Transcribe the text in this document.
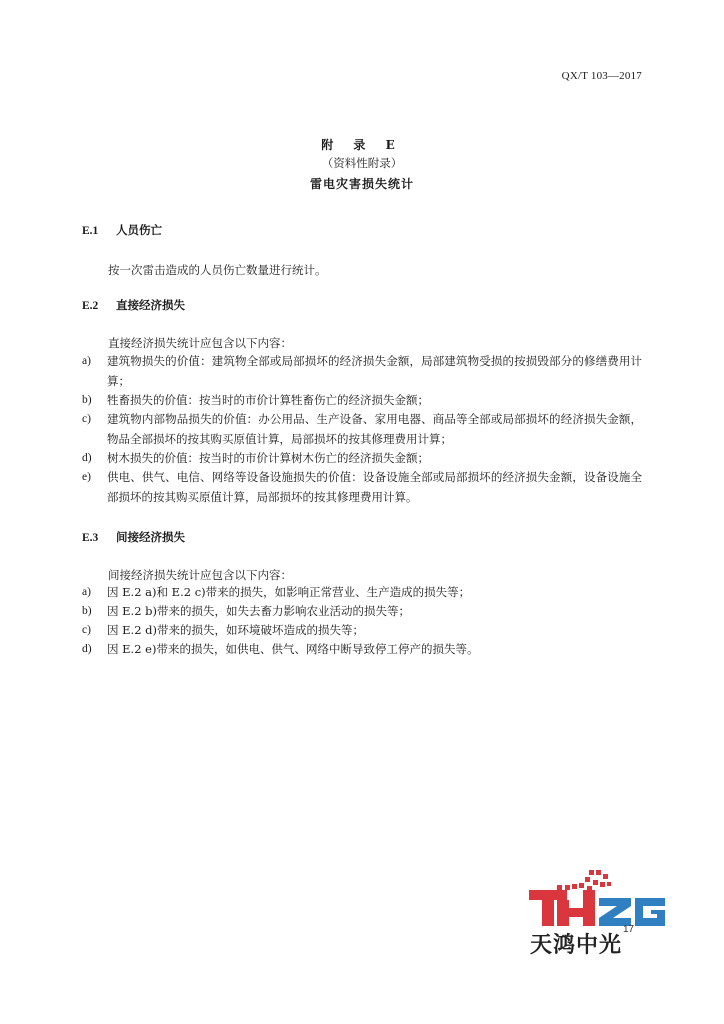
QX/T 103—2017
附 录 E
（资料性附录）
雷电灾害损失统计
E.1 人员伤亡
按一次雷击造成的人员伤亡数量进行统计。
E.2 直接经济损失
直接经济损失统计应包含以下内容：
a)	建筑物损失的价值：建筑物全部或局部损坏的经济损失金额，局部建筑物受损的按损毁部分的修缮费用计算；
b)	牲畜损失的价值：按当时的市价计算牲畜伤亡的经济损失金额；
c)	建筑物内部物品损失的价值：办公用品、生产设备、家用电器、商品等全部或局部损坏的经济损失金额，物品全部损坏的按其购买原值计算，局部损坏的按其修理费用计算；
d)	树木损失的价值：按当时的市价计算树木伤亡的经济损失金额；
e)	供电、供气、电信、网络等设备设施损失的价值：设备设施全部或局部损坏的经济损失金额，设备设施全部损坏的按其购买原值计算，局部损坏的按其修理费用计算。
E.3 间接经济损失
间接经济损失统计应包含以下内容：
a)	因 E.2 a)和 E.2 c)带来的损失，如影响正常营业、生产造成的损失等；
b)	因 E.2 b)带来的损失，如失去畜力影响农业活动的损失等；
c)	因 E.2 d)带来的损失，如环境破坏造成的损失等；
d)	因 E.2 e)带来的损失，如供电、供气、网络中断导致停工停产的损失等。
天鸿中光
17
